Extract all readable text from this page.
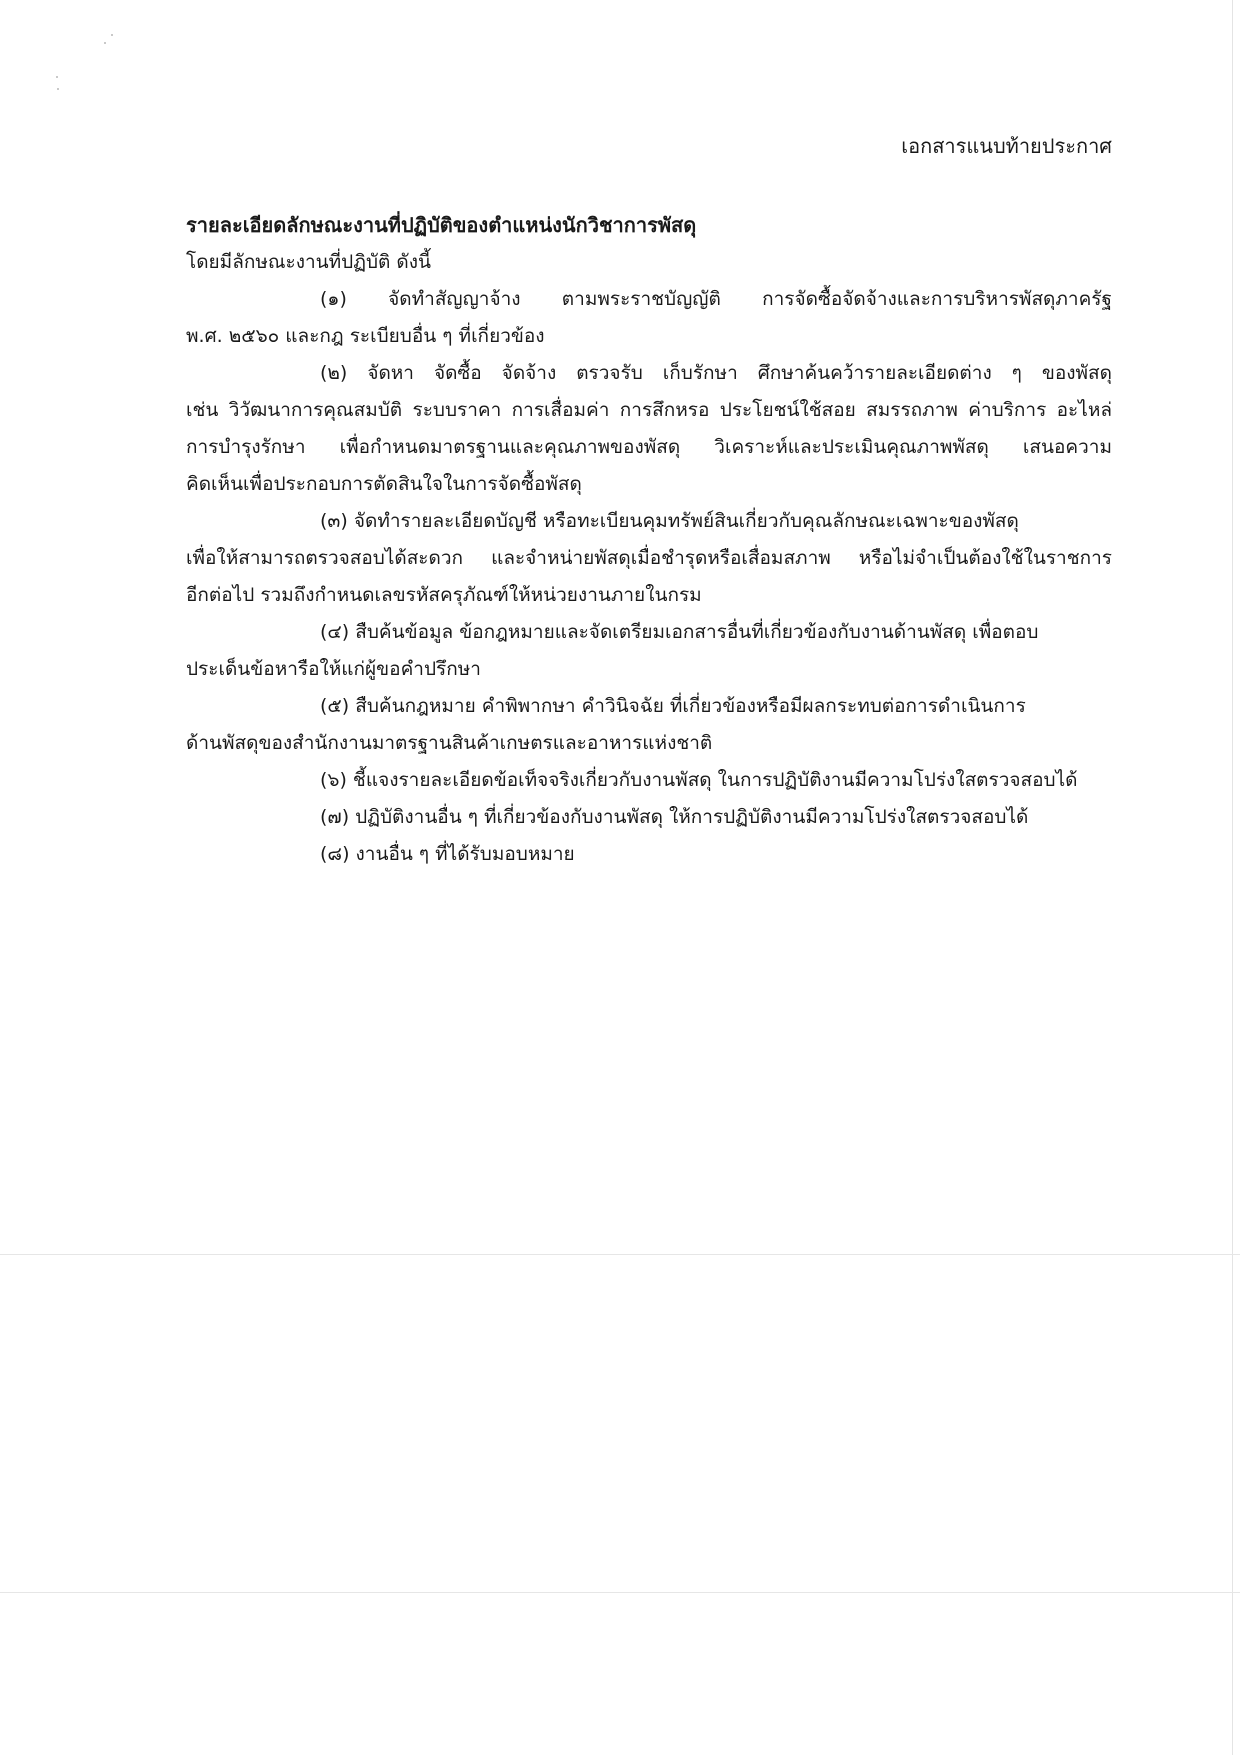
เอกสารแนบท้ายประกาศ
รายละเอียดลักษณะงานที่ปฏิบัติของตำแหน่งนักวิชาการพัสดุ
โดยมีลักษณะงานที่ปฏิบัติ ดังนี้
(๑) จัดทำสัญญาจ้าง ตามพระราชบัญญัติ การจัดซื้อจัดจ้างและการบริหารพัสดุภาครัฐ
พ.ศ. ๒๕๖๐ และกฎ ระเบียบอื่น ๆ ที่เกี่ยวข้อง
(๒) จัดหา จัดซื้อ จัดจ้าง ตรวจรับ เก็บรักษา ศึกษาค้นคว้ารายละเอียดต่าง ๆ ของพัสดุ
เช่น วิวัฒนาการคุณสมบัติ ระบบราคา การเสื่อมค่า การสึกหรอ ประโยชน์ใช้สอย สมรรถภาพ ค่าบริการ อะไหล่
การบำรุงรักษา เพื่อกำหนดมาตรฐานและคุณภาพของพัสดุ วิเคราะห์และประเมินคุณภาพพัสดุ เสนอความ
คิดเห็นเพื่อประกอบการตัดสินใจในการจัดซื้อพัสดุ
(๓) จัดทำรายละเอียดบัญชี หรือทะเบียนคุมทรัพย์สินเกี่ยวกับคุณลักษณะเฉพาะของพัสดุ
เพื่อให้สามารถตรวจสอบได้สะดวก และจำหน่ายพัสดุเมื่อชำรุดหรือเสื่อมสภาพ หรือไม่จำเป็นต้องใช้ในราชการ
อีกต่อไป รวมถึงกำหนดเลขรหัสครุภัณฑ์ให้หน่วยงานภายในกรม
(๔) สืบค้นข้อมูล ข้อกฎหมายและจัดเตรียมเอกสารอื่นที่เกี่ยวข้องกับงานด้านพัสดุ เพื่อตอบ
ประเด็นข้อหารือให้แก่ผู้ขอคำปรึกษา
(๕) สืบค้นกฎหมาย คำพิพากษา คำวินิจฉัย ที่เกี่ยวข้องหรือมีผลกระทบต่อการดำเนินการ
ด้านพัสดุของสำนักงานมาตรฐานสินค้าเกษตรและอาหารแห่งชาติ
(๖) ชี้แจงรายละเอียดข้อเท็จจริงเกี่ยวกับงานพัสดุ ในการปฏิบัติงานมีความโปร่งใสตรวจสอบได้
(๗) ปฏิบัติงานอื่น ๆ ที่เกี่ยวข้องกับงานพัสดุ ให้การปฏิบัติงานมีความโปร่งใสตรวจสอบได้
(๘) งานอื่น ๆ ที่ได้รับมอบหมาย
